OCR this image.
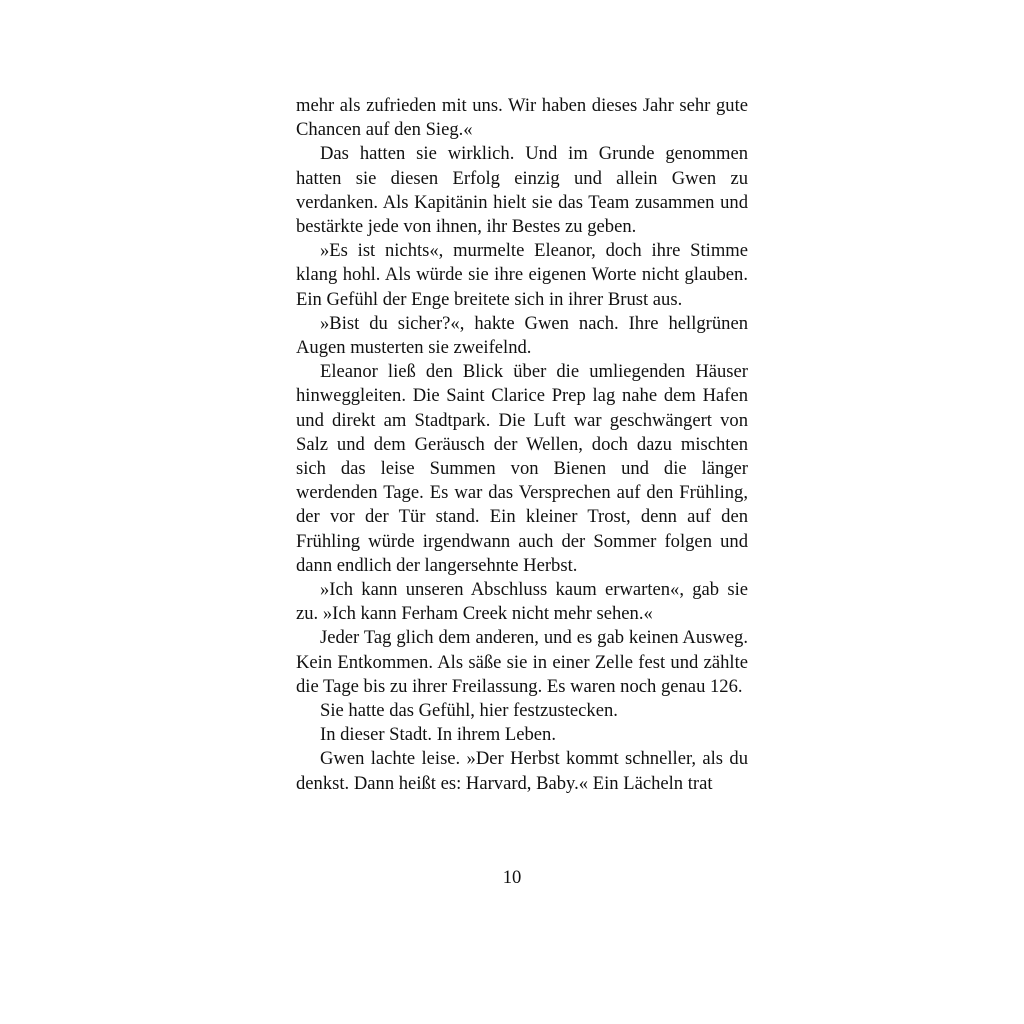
mehr als zufrieden mit uns. Wir haben dieses Jahr sehr gute Chancen auf den Sieg.«

Das hatten sie wirklich. Und im Grunde genommen hatten sie diesen Erfolg einzig und allein Gwen zu verdanken. Als Kapitänin hielt sie das Team zusammen und bestärkte jede von ihnen, ihr Bestes zu geben.

»Es ist nichts«, murmelte Eleanor, doch ihre Stimme klang hohl. Als würde sie ihre eigenen Worte nicht glauben. Ein Gefühl der Enge breitete sich in ihrer Brust aus.

»Bist du sicher?«, hakte Gwen nach. Ihre hellgrünen Augen musterten sie zweifelnd.

Eleanor ließ den Blick über die umliegenden Häuser hinweggleiten. Die Saint Clarice Prep lag nahe dem Hafen und direkt am Stadtpark. Die Luft war geschwängert von Salz und dem Geräusch der Wellen, doch dazu mischten sich das leise Summen von Bienen und die länger werdenden Tage. Es war das Versprechen auf den Frühling, der vor der Tür stand. Ein kleiner Trost, denn auf den Frühling würde irgendwann auch der Sommer folgen und dann endlich der langersehnte Herbst.

»Ich kann unseren Abschluss kaum erwarten«, gab sie zu. »Ich kann Ferham Creek nicht mehr sehen.«

Jeder Tag glich dem anderen, und es gab keinen Ausweg. Kein Entkommen. Als säße sie in einer Zelle fest und zählte die Tage bis zu ihrer Freilassung. Es waren noch genau 126.

Sie hatte das Gefühl, hier festzustecken.

In dieser Stadt. In ihrem Leben.

Gwen lachte leise. »Der Herbst kommt schneller, als du denkst. Dann heißt es: Harvard, Baby.« Ein Lächeln trat

10
